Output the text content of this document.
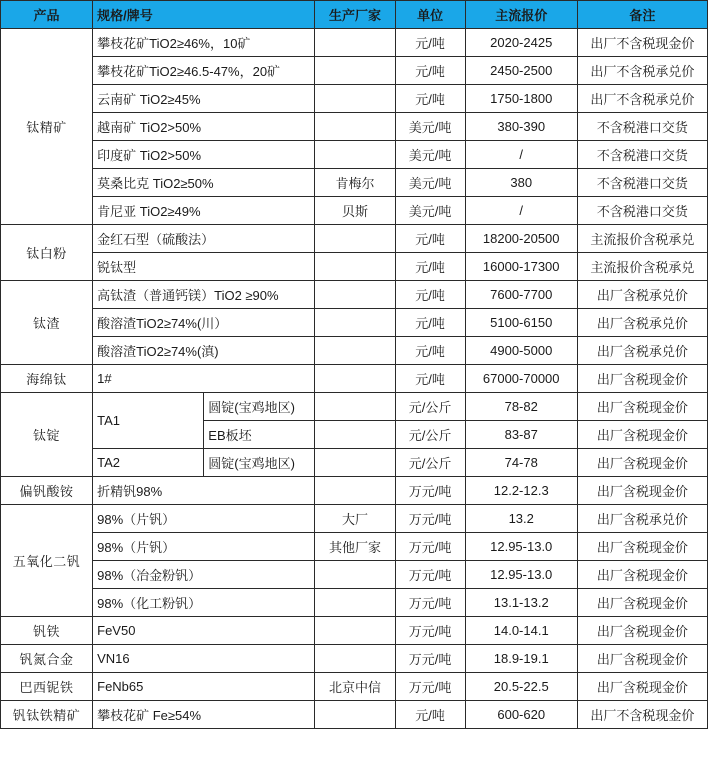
产品	规格/牌号		生产厂家	单位	主流报价	备注
钛精矿	攀枝花矿TiO2≥46%，10矿			元/吨	2020-2425	出厂不含税现金价
	攀枝花矿TiO2≥46.5-47%，20矿			元/吨	2450-2500	出厂不含税承兑价
	云南矿 TiO2≥45%			元/吨	1750-1800	出厂不含税承兑价
	越南矿 TiO2>50%			美元/吨	380-390	不含税港口交货
	印度矿 TiO2>50%			美元/吨	/	不含税港口交货
	莫桑比克 TiO2≥50%		肯梅尔	美元/吨	380	不含税港口交货
	肯尼亚 TiO2≥49%		贝斯	美元/吨	/	不含税港口交货
钛白粉	金红石型（硫酸法）			元/吨	18200-20500	主流报价含税承兑
	锐钛型			元/吨	16000-17300	主流报价含税承兑
钛渣	高钛渣（普通钙镁）TiO2 ≥90%			元/吨	7600-7700	出厂含税承兑价
	酸溶渣TiO2≥74%(川）			元/吨	5100-6150	出厂含税承兑价
	酸溶渣TiO2≥74%(滇)			元/吨	4900-5000	出厂含税承兑价
海绵钛	1#			元/吨	67000-70000	出厂含税现金价
钛锭	TA1	圆锭(宝鸡地区)		元/公斤	78-82	出厂含税现金价
		EB板坯		元/公斤	83-87	出厂含税现金价
	TA2	圆锭(宝鸡地区)		元/公斤	74-78	出厂含税现金价
偏钒酸铵	折精钒98%			万元/吨	12.2-12.3	出厂含税现金价
五氧化二钒	98%（片钒）		大厂	万元/吨	13.2	出厂含税承兑价
	98%（片钒）		其他厂家	万元/吨	12.95-13.0	出厂含税现金价
	98%（冶金粉钒）			万元/吨	12.95-13.0	出厂含税现金价
	98%（化工粉钒）			万元/吨	13.1-13.2	出厂含税现金价
钒铁	FeV50			万元/吨	14.0-14.1	出厂含税现金价
钒氮合金	VN16			万元/吨	18.9-19.1	出厂含税现金价
巴西铌铁	FeNb65		北京中信	万元/吨	20.5-22.5	出厂含税现金价
钒钛铁精矿	攀枝花矿 Fe≥54%			元/吨	600-620	出厂不含税现金价
